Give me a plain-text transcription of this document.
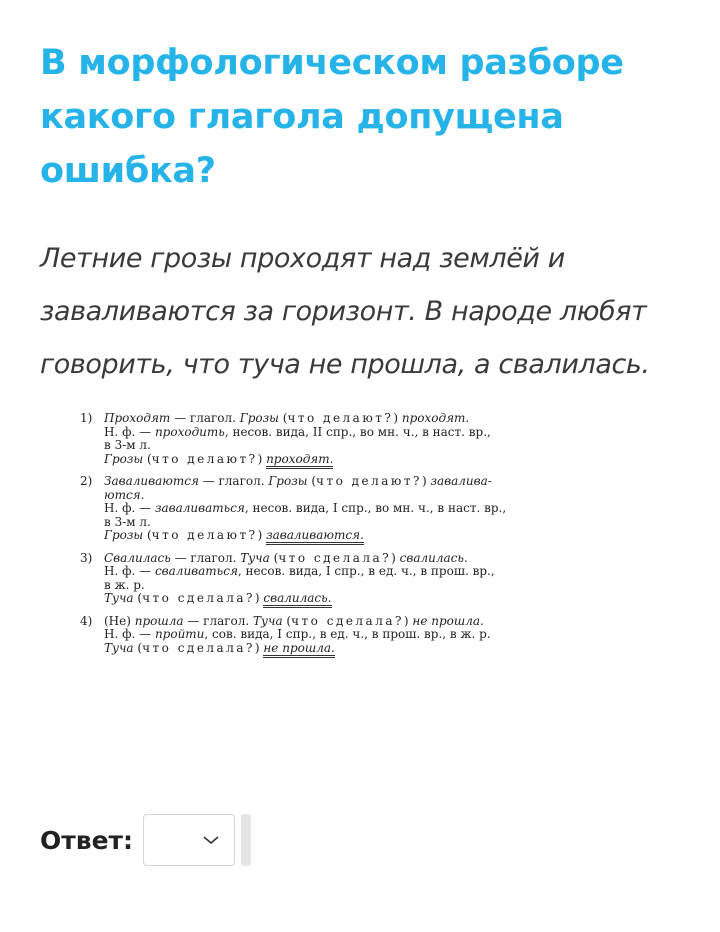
В морфологическом разборе
какого глагола допущена
ошибка?
Летние грозы проходят над землёй и
заваливаются за горизонт. В народе любят
говорить, что туча не прошла, а свалилась.
1) Проходят — глагол. Грозы (что делают?) проходят.
Н. ф. — проходить, несов. вида, II спр., во мн. ч., в наст. вр.,
в 3-м л.
Грозы (что делают?) проходят.
2) Заваливаются — глагол. Грозы (что делают?) завалива-
ются.
Н. ф. — заваливаться, несов. вида, I спр., во мн. ч., в наст. вр.,
в 3-м л.
Грозы (что делают?) заваливаются.
3) Свалилась — глагол. Туча (что сделала?) свалилась.
Н. ф. — сваливаться, несов. вида, I спр., в ед. ч., в прош. вр.,
в ж. р.
Туча (что сделала?) свалилась.
4) (Не) прошла — глагол. Туча (что сделала?) не прошла.
Н. ф. — пройти, сов. вида, I спр., в ед. ч., в прош. вр., в ж. р.
Туча (что сделала?) не прошла.
Ответ:
